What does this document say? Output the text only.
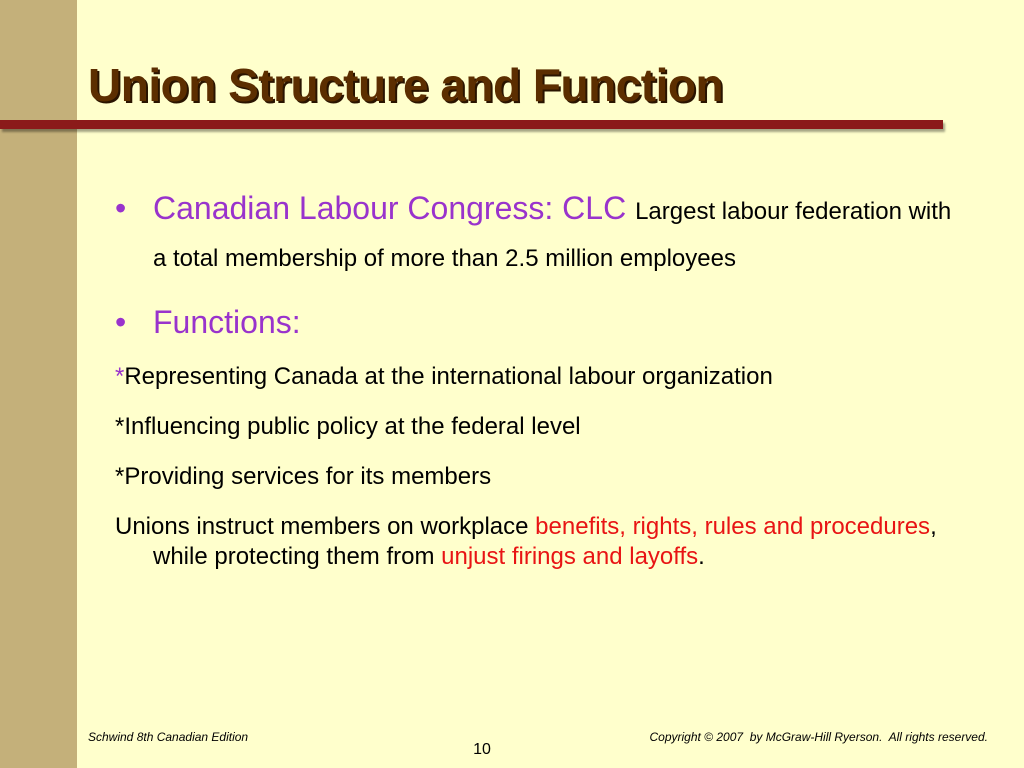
Union Structure and Function
• Canadian Labour Congress: CLC Largest labour federation with a total membership of more than 2.5 million employees
• Functions:
*Representing Canada at the international labour organization
*Influencing public policy at the federal level
*Providing services for its members
Unions instruct members on workplace benefits, rights, rules and procedures, while protecting them from unjust firings and layoffs.
Schwind 8th Canadian Edition	Copyright © 2007  by McGraw-Hill Ryerson.  All rights reserved.
10
